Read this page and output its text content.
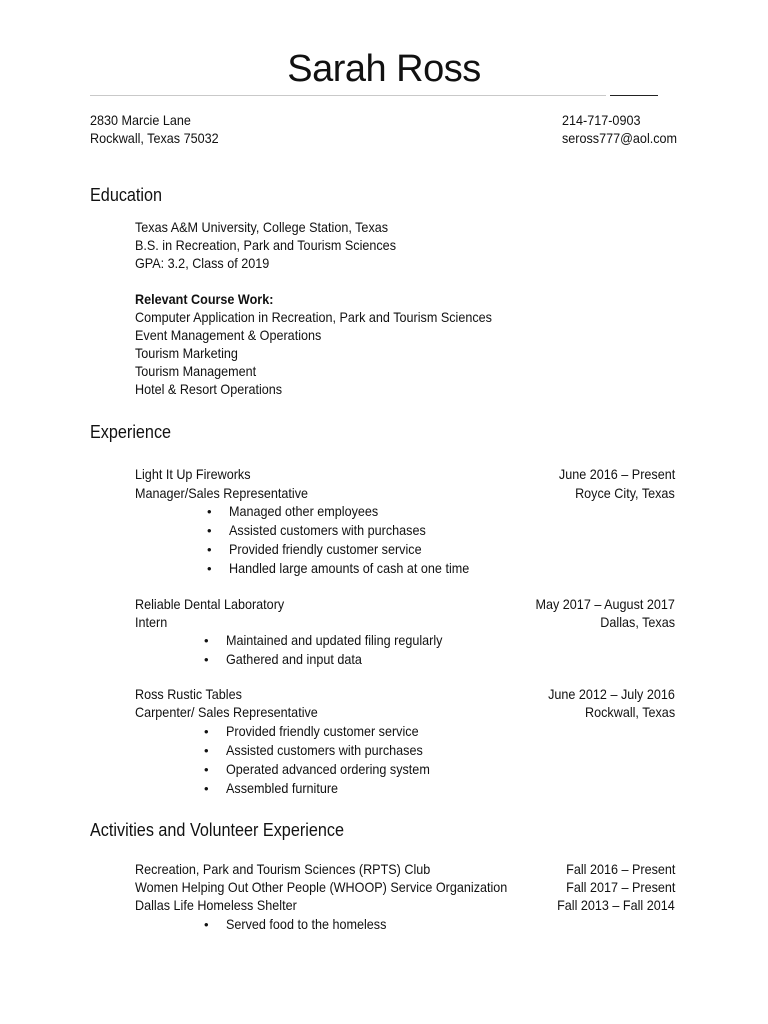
Sarah Ross
2830 Marcie Lane
Rockwall, Texas 75032
214-717-0903
seross777@aol.com
Education
Texas A&M University, College Station, Texas
B.S. in Recreation, Park and Tourism Sciences
GPA: 3.2, Class of 2019
Relevant Course Work:
Computer Application in Recreation, Park and Tourism Sciences
Event Management & Operations
Tourism Marketing
Tourism Management
Hotel & Resort Operations
Experience
Light It Up Fireworks	June 2016 – Present
Manager/Sales Representative	Royce City, Texas
• Managed other employees
• Assisted customers with purchases
• Provided friendly customer service
• Handled large amounts of cash at one time
Reliable Dental Laboratory	May 2017 – August 2017
Intern	Dallas, Texas
• Maintained and updated filing regularly
• Gathered and input data
Ross Rustic Tables	June 2012 – July 2016
Carpenter/ Sales Representative	Rockwall, Texas
• Provided friendly customer service
• Assisted customers with purchases
• Operated advanced ordering system
• Assembled furniture
Activities and Volunteer Experience
Recreation, Park and Tourism Sciences (RPTS) Club	Fall 2016 – Present
Women Helping Out Other People (WHOOP) Service Organization	Fall 2017 – Present
Dallas Life Homeless Shelter	Fall 2013 – Fall 2014
• Served food to the homeless
